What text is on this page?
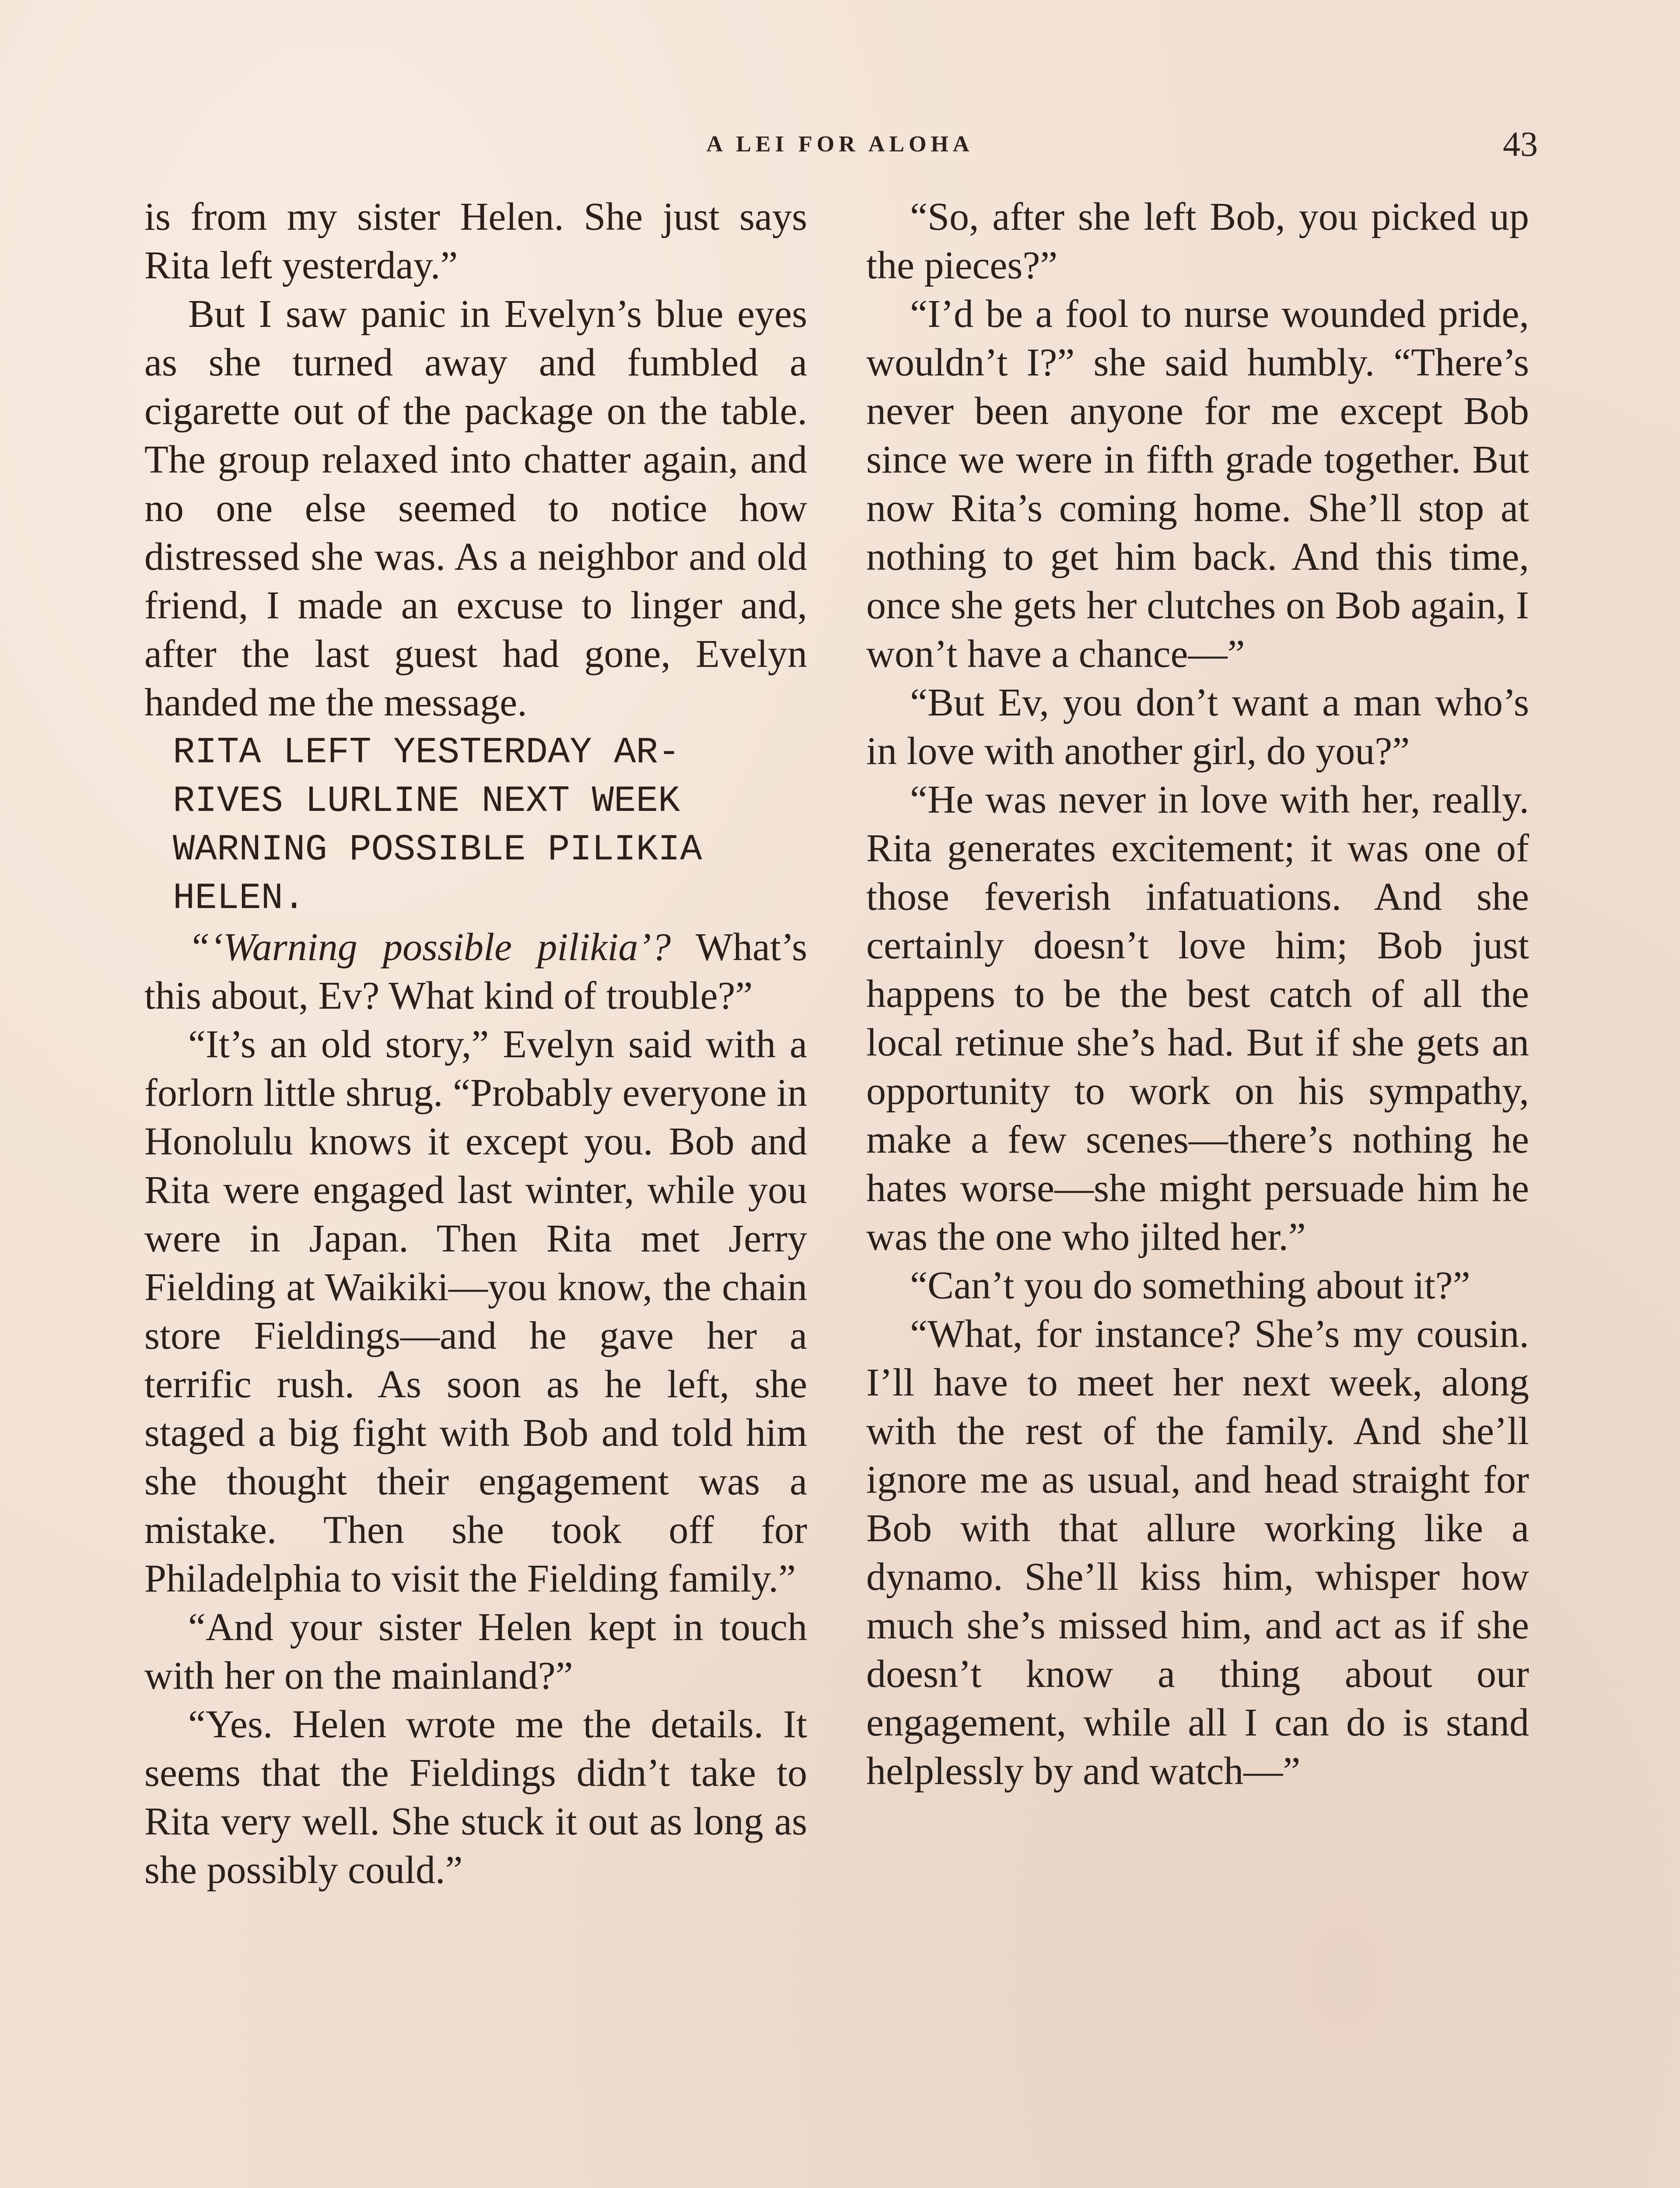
A LEI FOR ALOHA	43

is from my sister Helen. She just says Rita left yesterday.”

But I saw panic in Evelyn’s blue eyes as she turned away and fumbled a cigarette out of the package on the table. The group relaxed into chatter again, and no one else seemed to notice how distressed she was. As a neighbor and old friend, I made an excuse to linger and, after the last guest had gone, Evelyn handed me the message.

RITA LEFT YESTERDAY AR-
RIVES LURLINE NEXT WEEK
WARNING POSSIBLE PILIKIA
HELEN.

“‘Warning possible pilikia’? What’s this about, Ev? What kind of trouble?”

“It’s an old story,” Evelyn said with a forlorn little shrug. “Probably everyone in Honolulu knows it except you. Bob and Rita were engaged last winter, while you were in Japan. Then Rita met Jerry Fielding at Waikiki—you know, the chain store Fieldings—and he gave her a terrific rush. As soon as he left, she staged a big fight with Bob and told him she thought their engagement was a mistake. Then she took off for Philadelphia to visit the Fielding family.”

“And your sister Helen kept in touch with her on the mainland?”

“Yes. Helen wrote me the details. It seems that the Fieldings didn’t take to Rita very well. She stuck it out as long as she possibly could.”

“So, after she left Bob, you picked up the pieces?”

“I’d be a fool to nurse wounded pride, wouldn’t I?” she said humbly. “There’s never been anyone for me except Bob since we were in fifth grade together. But now Rita’s coming home. She’ll stop at nothing to get him back. And this time, once she gets her clutches on Bob again, I won’t have a chance—”

“But Ev, you don’t want a man who’s in love with another girl, do you?”

“He was never in love with her, really. Rita generates excitement; it was one of those feverish infatuations. And she certainly doesn’t love him; Bob just happens to be the best catch of all the local retinue she’s had. But if she gets an opportunity to work on his sympathy, make a few scenes—there’s nothing he hates worse—she might persuade him he was the one who jilted her.”

“Can’t you do something about it?”

“What, for instance? She’s my cousin. I’ll have to meet her next week, along with the rest of the family. And she’ll ignore me as usual, and head straight for Bob with that allure working like a dynamo. She’ll kiss him, whisper how much she’s missed him, and act as if she doesn’t know a thing about our engagement, while all I can do is stand helplessly by and watch—”
